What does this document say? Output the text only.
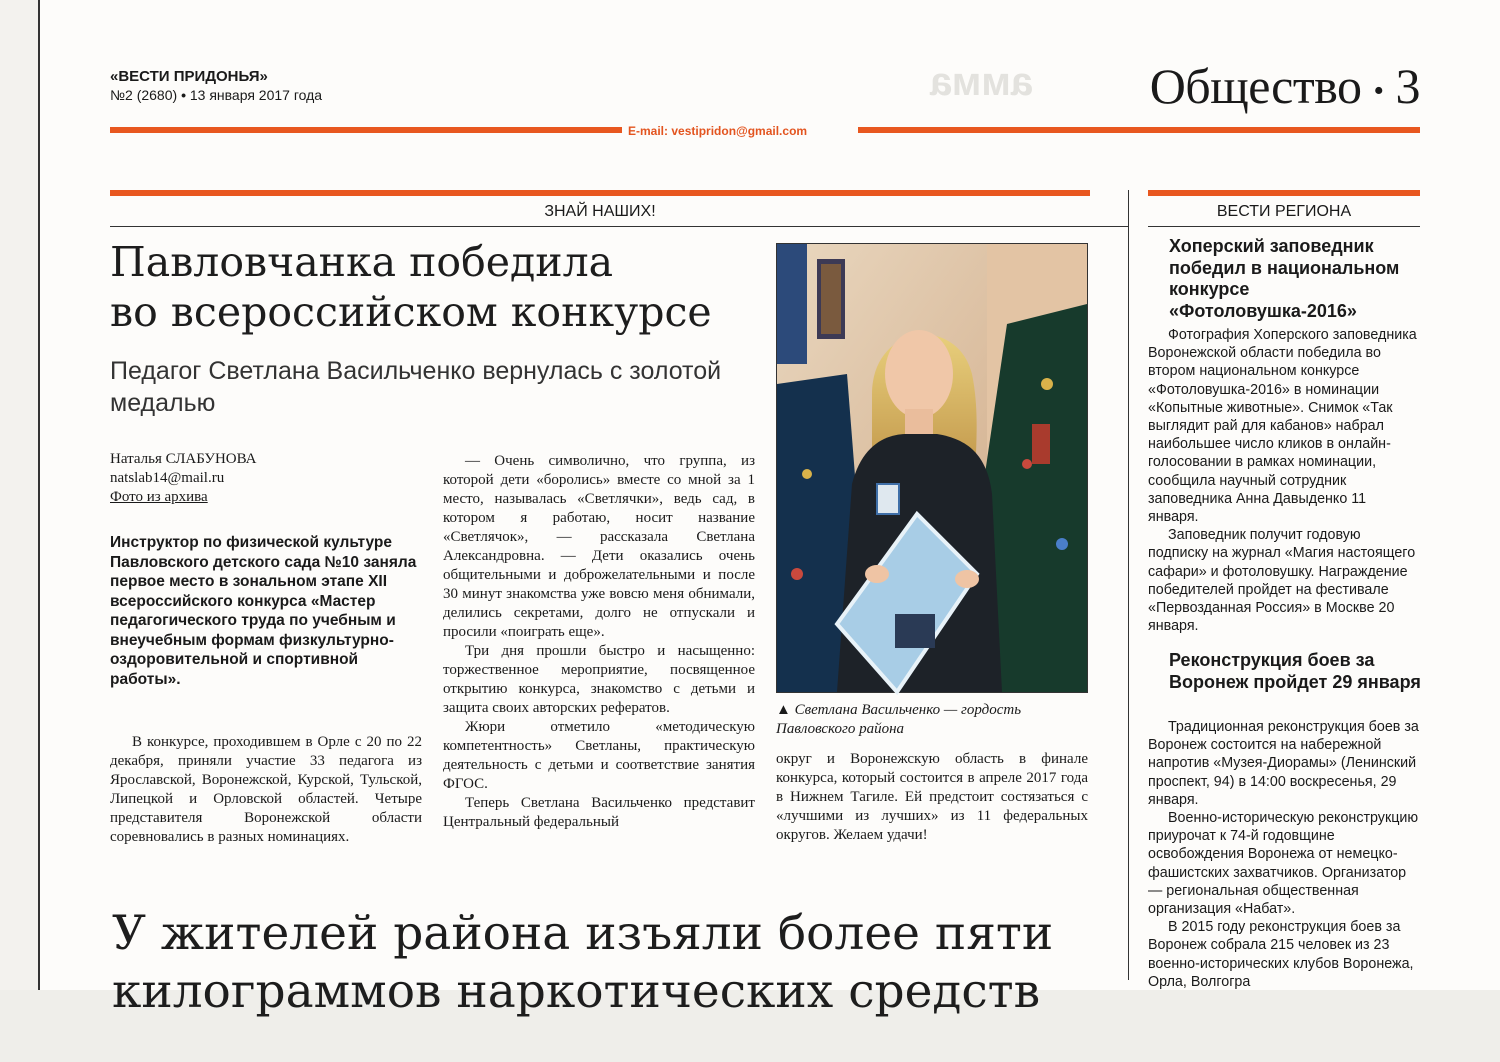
амма
«ВЕСТИ ПРИДОНЬЯ»
№2 (2680) • 13 января 2017 года	Общество • 3
E-mail: vestipridon@gmail.com
ЗНАЙ НАШИХ!	ВЕСТИ РЕГИОНА
Павловчанка победила
во всероссийском конкурсе
Педагог Светлана Васильченко вернулась с золотой медалью
Наталья СЛАБУНОВА
natslab14@mail.ru
Фото из архива
Инструктор по физической культуре Павловского детского сада №10 заняла первое место в зональном этапе XII всероссийского конкурса «Мастер педагогического труда по учебным и внеучебным формам физкультурно-оздоровительной и спортивной работы».

В конкурсе, проходившем в Орле с 20 по 22 декабря, приняли участие 33 педагога из Ярославской, Воронежской, Курской, Тульской, Липецкой и Орловской областей. Четыре представителя Воронежской области соревновались в разных номинациях.

— Очень символично, что группа, из которой дети «боролись» вместе со мной за 1 место, называлась «Светлячки», ведь сад, в котором я работаю, носит название «Светлячок», — рассказала Светлана Александровна. — Дети оказались очень общительными и доброжелательными и после 30 минут знакомства уже вовсю меня обнимали, делились секретами, долго не отпускали и просили «поиграть еще».

Три дня прошли быстро и насыщенно: торжественное мероприятие, посвященное открытию конкурса, знакомство с детьми и защита своих авторских рефератов.

Жюри отметило «методическую компетентность» Светланы, практическую деятельность с детьми и соответствие занятия ФГОС.

Теперь Светлана Васильченко представит Центральный федеральный

▲ Светлана Васильченко — гордость Павловского района

округ и Воронежскую область в финале конкурса, который состоится в апреле 2017 года в Нижнем Тагиле. Ей предстоит состязаться с «лучшими из лучших» из 11 федеральных округов. Желаем удачи!

Хоперский заповедник победил в национальном конкурсе «Фотоловушка-2016»

Фотография Хоперского заповедника Воронежской области победила во втором национальном конкурсе «Фотоловушка-2016» в номинации «Копытные животные». Снимок «Так выглядит рай для кабанов» набрал наибольшее число кликов в онлайн-голосовании в рамках номинации, сообщила научный сотрудник заповедника Анна Давыденко 11 января.

Заповедник получит годовую подписку на журнал «Магия настоящего сафари» и фотоловушку. Награждение победителей пройдет на фестивале «Первозданная Россия» в Москве 20 января.

Реконструкция боев за Воронеж пройдет 29 января

Традиционная реконструкция боев за Воронеж состоится на набережной напротив «Музея-Диорамы» (Ленинский проспект, 94) в 14:00 воскресенья, 29 января.

Военно-историческую реконструкцию приурочат к 74-й годовщине освобождения Воронежа от немецко-фашистских захватчиков. Организатор — региональная общественная организация «Набат».

В 2015 году реконструкция боев за Воронеж собрала 215 человек из 23 военно-исторических клубов Воронежа, Орла, Волгогра

У жителей района изъяли более пяти
килограммов наркотических средств
